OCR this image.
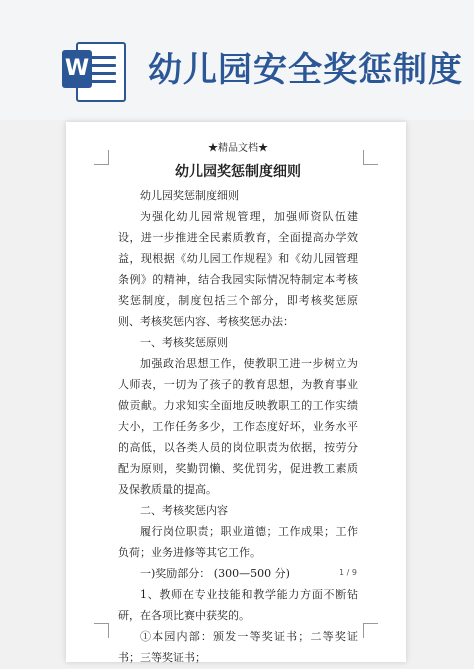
W 幼儿园安全奖惩制度
★精品文档★
幼儿园奖惩制度细则

幼儿园奖惩制度细则

为强化幼儿园常规管理，加强师资队伍建设，进一步推进全民素质教育，全面提高办学效益，现根据《幼儿园工作规程》和《幼儿园管理条例》的精神，结合我园实际情况特制定本考核奖惩制度，制度包括三个部分，即考核奖惩原则、考核奖惩内容、考核奖惩办法：

一、考核奖惩原则

加强政治思想工作，使教职工进一步树立为人师表，一切为了孩子的教育思想，为教育事业做贡献。力求知实全面地反映教职工的工作实绩大小，工作任务多少，工作态度好坏，业务水平的高低，以各类人员的岗位职责为依据，按劳分配为原则，奖勤罚懒、奖优罚劣，促进教工素质及保教质量的提高。

二、考核奖惩内容

履行岗位职责；职业道德；工作成果；工作负荷；业务进修等其它工作。

一)奖励部分： (300—500 分)

1、教师在专业技能和教学能力方面不断钻研，在各项比赛中获奖的。

①本园内部：颁发一等奖证书；二等奖证书；三等奖证书；

1 / 9
